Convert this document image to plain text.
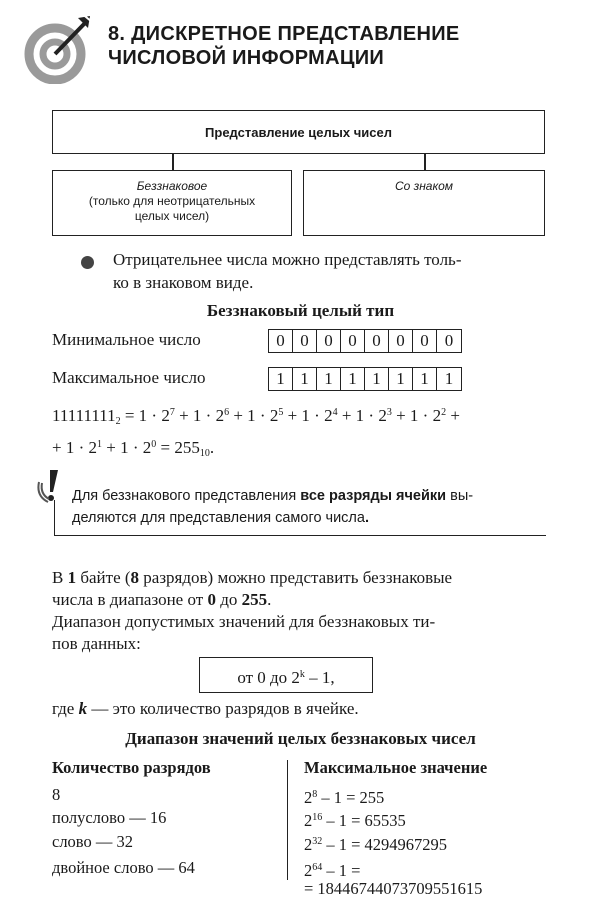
8. ДИСКРЕТНОЕ ПРЕДСТАВЛЕНИЕ
ЧИСЛОВОЙ ИНФОРМАЦИИ
Представление целых чисел
Беззнаковое
(только для неотрицательных
целых чисел)
Со знаком
Отрицательнее числа можно представлять толь-
ко в знаковом виде.
Беззнаковый целый тип
Минимальное число	0 0 0 0 0 0 0 0
Максимальное число	1 1 1 1 1 1 1 1
$11111111_2 = 1 \cdot 2^7 + 1 \cdot 2^6 + 1 \cdot 2^5 + 1 \cdot 2^4 + 1 \cdot 2^3 + 1 \cdot 2^2$ +
+ $1 \cdot 2^1 + 1 \cdot 2^0 = 255_{10}$.
Для беззнакового представления все разряды ячейки вы-
деляются для представления самого числа.
В 1 байте (8 разрядов) можно представить беззнаковые
числа в диапазоне от 0 до 255.
Диапазон допустимых значений для беззнаковых ти-
пов данных:
от 0 до 2$^k$ – 1,
где k — это количество разрядов в ячейке.
Диапазон значений целых беззнаковых чисел
Количество разрядов	Максимальное значение
8	$2^8 - 1 = 255$
полуслово — 16	$2^{16} - 1 = 65535$
слово — 32	$2^{32} - 1 = 4294967295$
двойное слово — 64	$2^{64} - 1$ =
= 18446744073709551615
